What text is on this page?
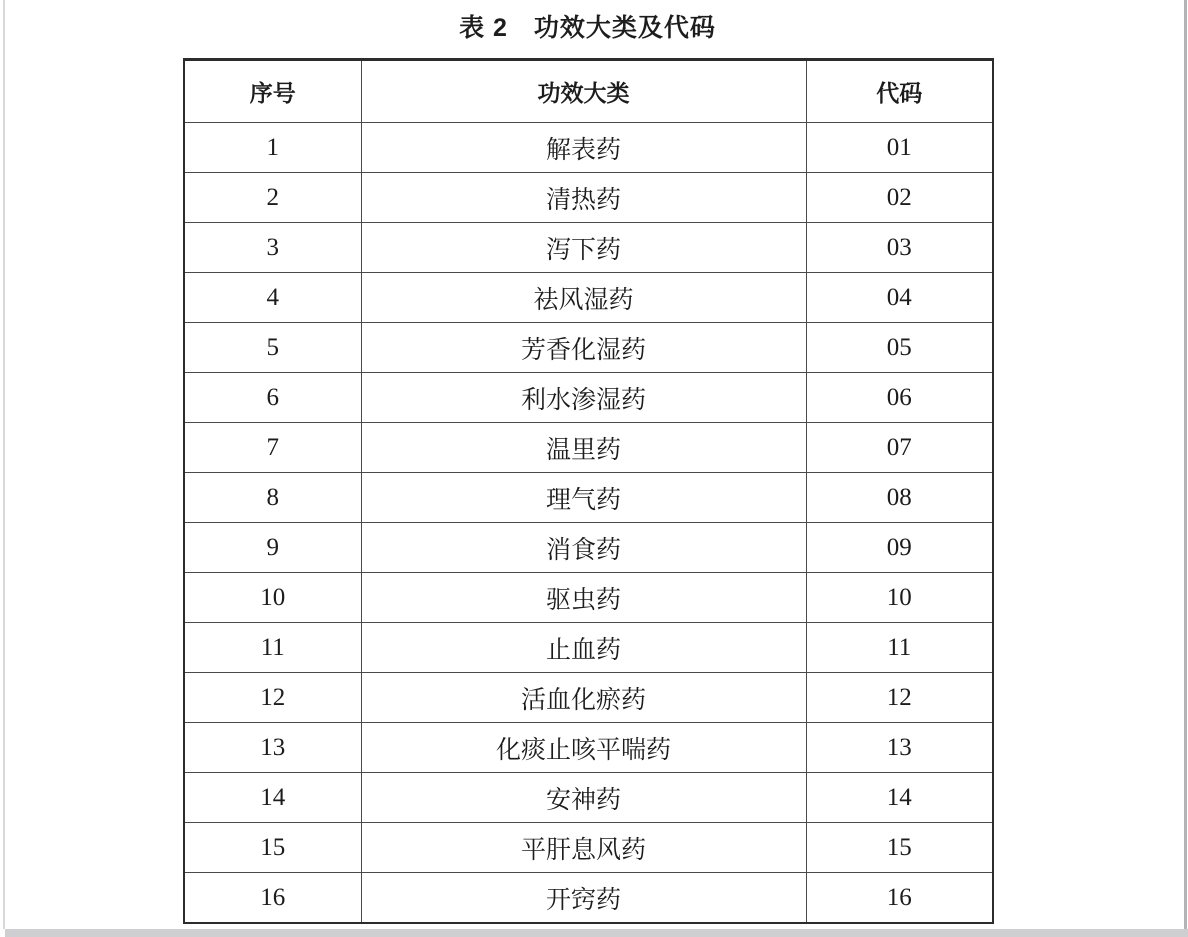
表 2　功效大类及代码
序号	功效大类	代码
1	解表药	01
2	清热药	02
3	泻下药	03
4	祛风湿药	04
5	芳香化湿药	05
6	利水渗湿药	06
7	温里药	07
8	理气药	08
9	消食药	09
10	驱虫药	10
11	止血药	11
12	活血化瘀药	12
13	化痰止咳平喘药	13
14	安神药	14
15	平肝息风药	15
16	开窍药	16
